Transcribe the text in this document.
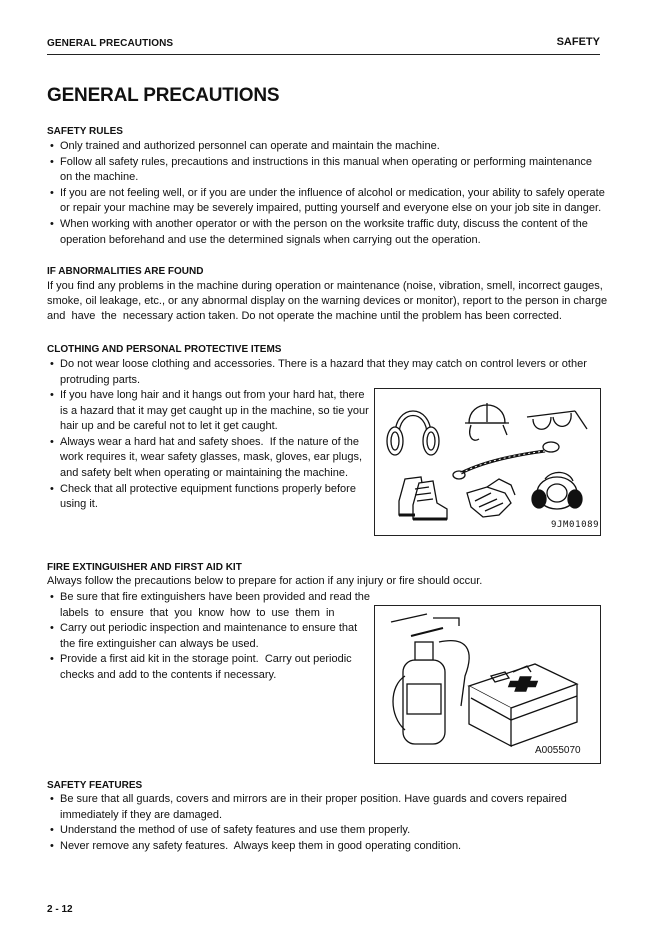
GENERAL PRECAUTIONS	SAFETY
GENERAL PRECAUTIONS
SAFETY RULES
• Only trained and authorized personnel can operate and maintain the machine.
• Follow all safety rules, precautions and instructions in this manual when operating or performing maintenance
on the machine.
• If you are not feeling well, or if you are under the influence of alcohol or medication, your ability to safely operate
or repair your machine may be severely impaired, putting yourself and everyone else on your job site in danger.
• When working with another operator or with the person on the worksite traffic duty, discuss the content of the
operation beforehand and use the determined signals when carrying out the operation.
IF ABNORMALITIES ARE FOUND
If you find any problems in the machine during operation or maintenance (noise, vibration, smell, incorrect gauges,
smoke, oil leakage, etc., or any abnormal display on the warning devices or monitor), report to the person in charge
and  have  the  necessary action taken. Do not operate the machine until the problem has been corrected.
CLOTHING AND PERSONAL PROTECTIVE ITEMS
• Do not wear loose clothing and accessories. There is a hazard that they may catch on control levers or other
protruding parts.
• If you have long hair and it hangs out from your hard hat, there
is a hazard that it may get caught up in the machine, so tie your
hair up and be careful not to let it get caught.
• Always wear a hard hat and safety shoes.  If the nature of the
work requires it, wear safety glasses, mask, gloves, ear plugs,
and safety belt when operating or maintaining the machine.
• Check that all protective equipment functions properly before
using it.
9JM01089
FIRE EXTINGUISHER AND FIRST AID KIT
Always follow the precautions below to prepare for action if any injury or fire should occur.
• Be sure that fire extinguishers have been provided and read the
labels  to  ensure  that  you  know  how  to  use  them  in
• Carry out periodic inspection and maintenance to ensure that
the fire extinguisher can always be used.
• Provide a first aid kit in the storage point.  Carry out periodic
checks and add to the contents if necessary.
A0055070
SAFETY FEATURES
• Be sure that all guards, covers and mirrors are in their proper position. Have guards and covers repaired
immediately if they are damaged.
• Understand the method of use of safety features and use them properly.
• Never remove any safety features.  Always keep them in good operating condition.
2 - 12
